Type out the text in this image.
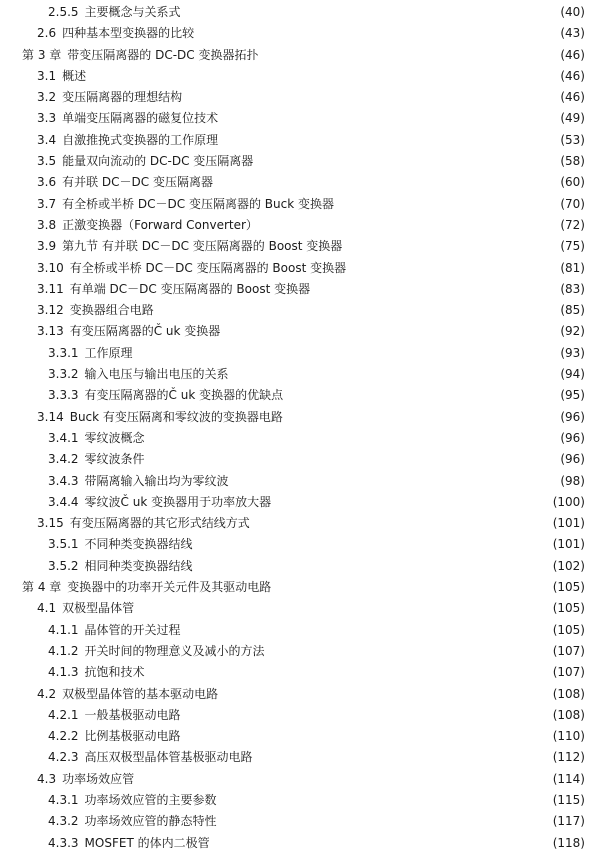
2.5.5 主要概念与关系式	(40)
2.6 四种基本型变换器的比较	(43)
第 3 章 带变压隔离器的 DC-DC 变换器拓扑	(46)
3.1 概述	(46)
3.2 变压隔离器的理想结构	(46)
3.3 单端变压隔离器的磁复位技术	(49)
3.4 自激推挽式变换器的工作原理	(53)
3.5 能量双向流动的 DC-DC 变压隔离器	(58)
3.6 有并联 DC－DC 变压隔离器	(60)
3.7 有全桥或半桥 DC－DC 变压隔离器的 Buck 变换器	(70)
3.8 正激变换器（Forward Converter）	(72)
3.9 第九节 有并联 DC－DC 变压隔离器的 Boost 变换器	(75)
3.10 有全桥或半桥 DC－DC 变压隔离器的 Boost 变换器	(81)
3.11 有单端 DC－DC 变压隔离器的 Boost 变换器	(83)
3.12 变换器组合电路	(85)
3.13 有变压隔离器的Č uk 变换器	(92)
3.3.1 工作原理	(93)
3.3.2 输入电压与输出电压的关系	(94)
3.3.3 有变压隔离器的Č uk 变换器的优缺点	(95)
3.14 Buck 有变压隔离和零纹波的变换器电路	(96)
3.4.1 零纹波概念	(96)
3.4.2 零纹波条件	(96)
3.4.3 带隔离输入输出均为零纹波	(98)
3.4.4 零纹波Č uk 变换器用于功率放大器	(100)
3.15 有变压隔离器的其它形式结线方式	(101)
3.5.1 不同种类变换器结线	(101)
3.5.2 相同种类变换器结线	(102)
第 4 章 变换器中的功率开关元件及其驱动电路	(105)
4.1 双极型晶体管	(105)
4.1.1 晶体管的开关过程	(105)
4.1.2 开关时间的物理意义及减小的方法	(107)
4.1.3 抗饱和技术	(107)
4.2 双极型晶体管的基本驱动电路	(108)
4.2.1 一般基极驱动电路	(108)
4.2.2 比例基极驱动电路	(110)
4.2.3 高压双极型晶体管基极驱动电路	(112)
4.3 功率场效应管	(114)
4.3.1 功率场效应管的主要参数	(115)
4.3.2 功率场效应管的静态特性	(117)
4.3.3 MOSFET 的体内二极管	(118)
